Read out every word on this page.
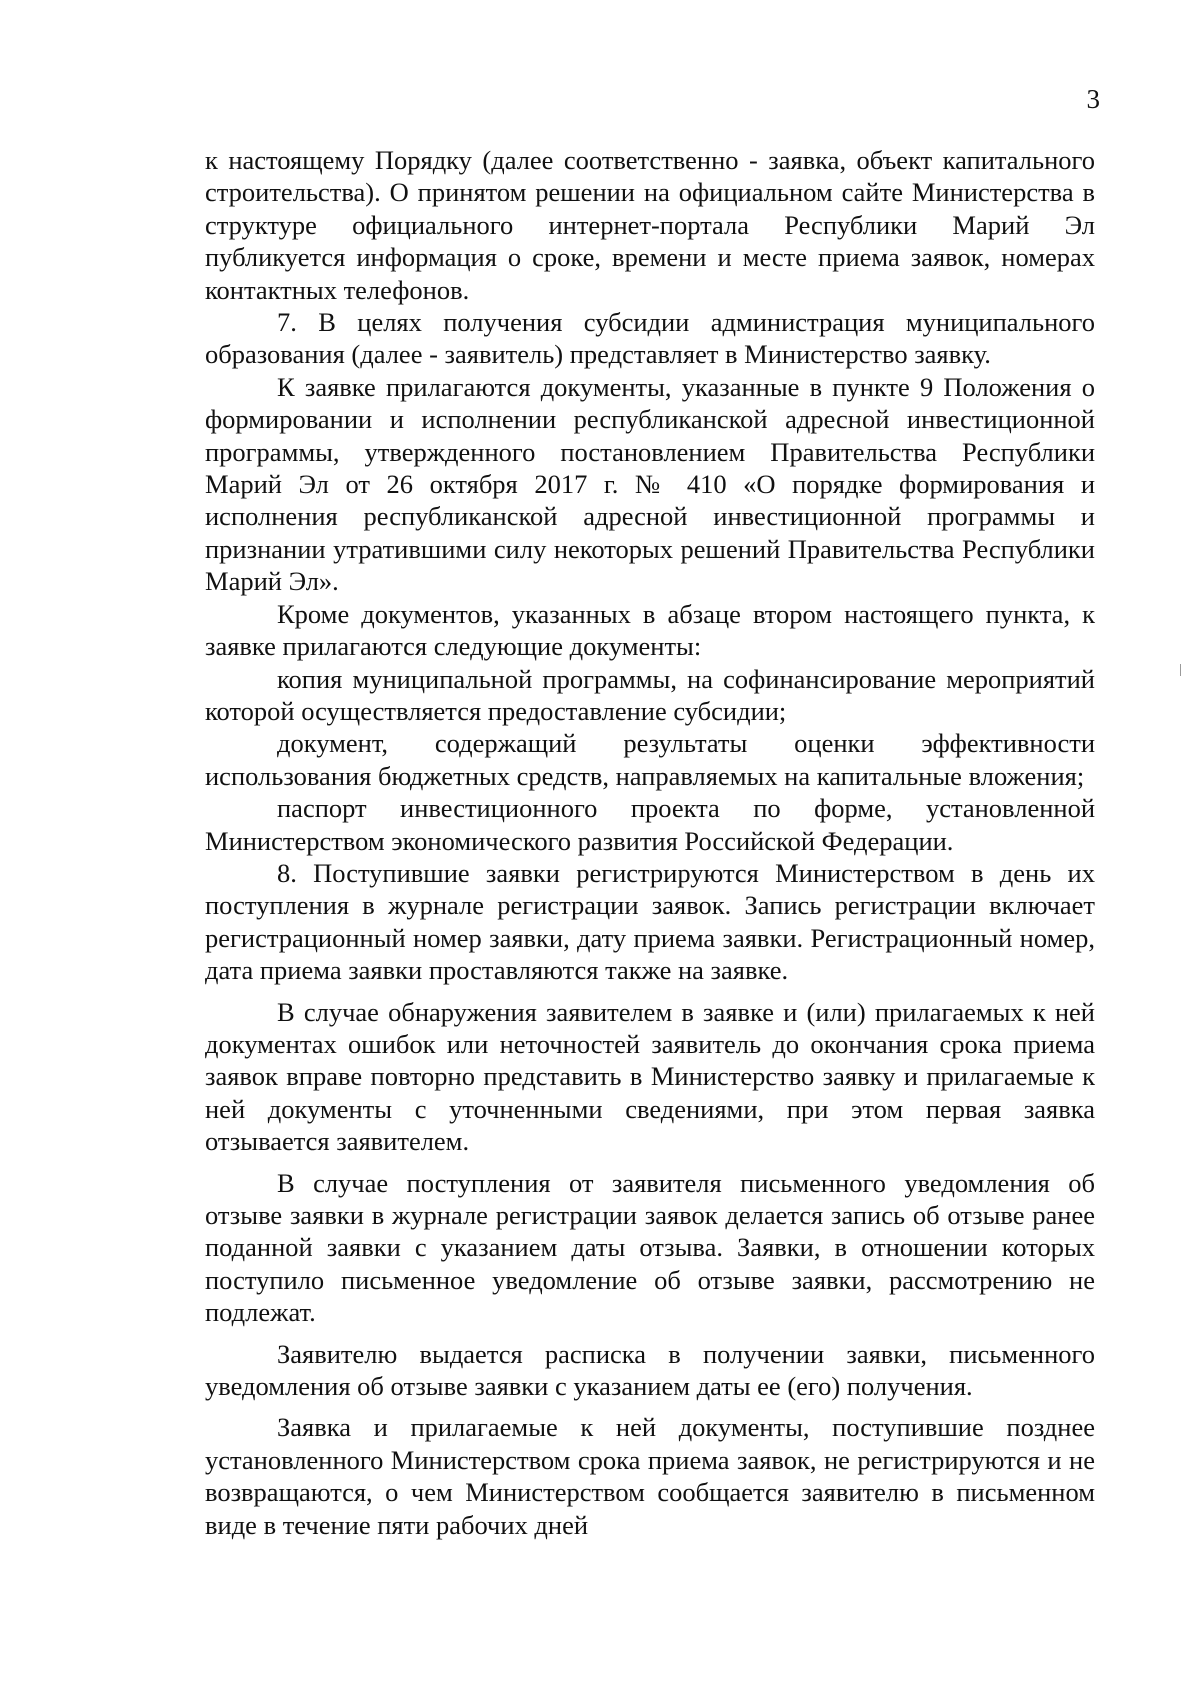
3

к настоящему Порядку (далее соответственно - заявка, объект капитального строительства). О принятом решении на официальном сайте Министерства в структуре официального интернет-портала Республики Марий Эл публикуется информация о сроке, времени и месте приема заявок, номерах контактных телефонов.

7. В целях получения субсидии администрация муниципального образования (далее - заявитель) представляет в Министерство заявку.

К заявке прилагаются документы, указанные в пункте 9 Положения о формировании и исполнении республиканской адресной инвестиционной программы, утвержденного постановлением Правительства Республики Марий Эл от 26 октября 2017 г. № 410 «О порядке формирования и исполнения республиканской адресной инвестиционной программы и признании утратившими силу некоторых решений Правительства Республики Марий Эл».

Кроме документов, указанных в абзаце втором настоящего пункта, к заявке прилагаются следующие документы:

копия муниципальной программы, на софинансирование мероприятий которой осуществляется предоставление субсидии;

документ, содержащий результаты оценки эффективности использования бюджетных средств, направляемых на капитальные вложения;

паспорт инвестиционного проекта по форме, установленной Министерством экономического развития Российской Федерации.

8. Поступившие заявки регистрируются Министерством в день их поступления в журнале регистрации заявок. Запись регистрации включает регистрационный номер заявки, дату приема заявки. Регистрационный номер, дата приема заявки проставляются также на заявке.

В случае обнаружения заявителем в заявке и (или) прилагаемых к ней документах ошибок или неточностей заявитель до окончания срока приема заявок вправе повторно представить в Министерство заявку и прилагаемые к ней документы с уточненными сведениями, при этом первая заявка отзывается заявителем.

В случае поступления от заявителя письменного уведомления об отзыве заявки в журнале регистрации заявок делается запись об отзыве ранее поданной заявки с указанием даты отзыва. Заявки, в отношении которых поступило письменное уведомление об отзыве заявки, рассмотрению не подлежат.

Заявителю выдается расписка в получении заявки, письменного уведомления об отзыве заявки с указанием даты ее (его) получения.

Заявка и прилагаемые к ней документы, поступившие позднее установленного Министерством срока приема заявок, не регистрируются и не возвращаются, о чем Министерством сообщается заявителю в письменном виде в течение пяти рабочих дней
